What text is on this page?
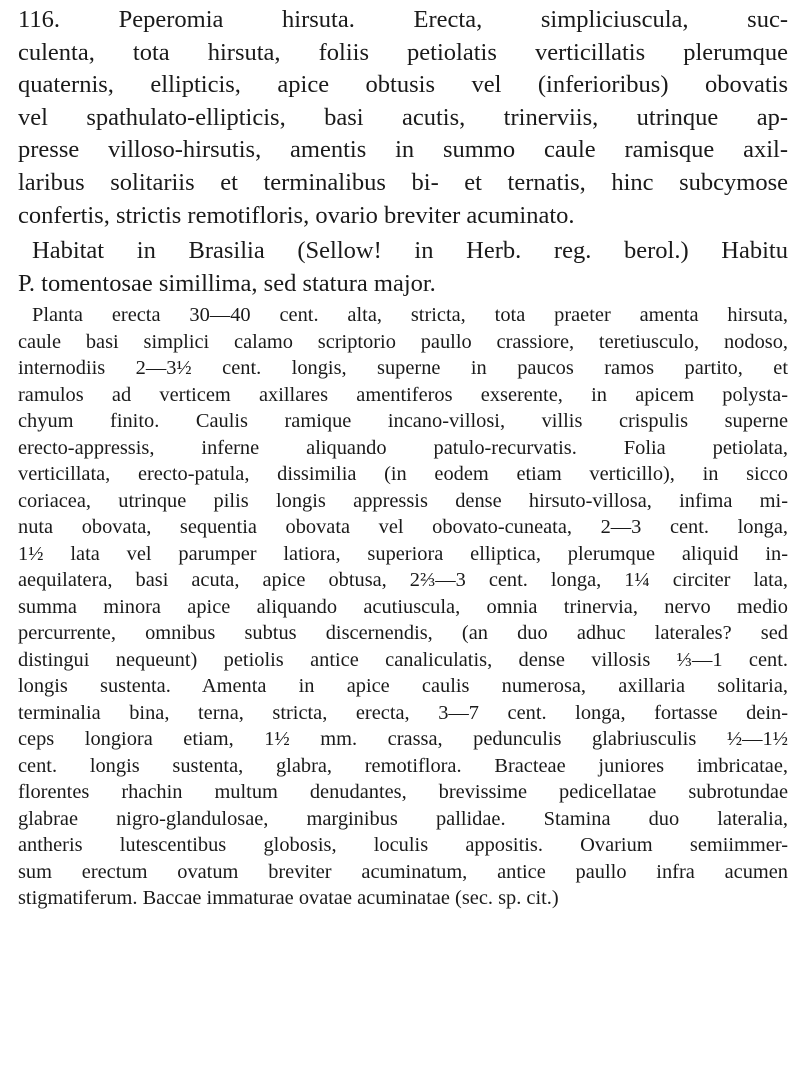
116. Peperomia hirsuta. Erecta, simpliciuscula, suc-
culenta, tota hirsuta, foliis petiolatis verticillatis plerumque
quaternis, ellipticis, apice obtusis vel (inferioribus) obovatis
vel spathulato-ellipticis, basi acutis, trinerviis, utrinque ap-
presse villoso-hirsutis, amentis in summo caule ramisque axil-
laribus solitariis et terminalibus bi- et ternatis, hinc subcymose
confertis, strictis remotifloris, ovario breviter acuminato.
Habitat in Brasilia (Sellow! in Herb. reg. berol.) Habitu
P. tomentosae simillima, sed statura major.
Planta erecta 30—40 cent. alta, stricta, tota praeter amenta hirsuta,
caule basi simplici calamo scriptorio paullo crassiore, teretiusculo, nodoso,
internodiis 2—3½ cent. longis, superne in paucos ramos partito, et
ramulos ad verticem axillares amentiferos exserente, in apicem polysta-
chyum finito. Caulis ramique incano-villosi, villis crispulis superne
erecto-appressis, inferne aliquando patulo-recurvatis. Folia petiolata,
verticillata, erecto-patula, dissimilia (in eodem etiam verticillo), in sicco
coriacea, utrinque pilis longis appressis dense hirsuto-villosa, infima mi-
nuta obovata, sequentia obovata vel obovato-cuneata, 2—3 cent. longa,
1½ lata vel parumper latiora, superiora elliptica, plerumque aliquid in-
aequilatera, basi acuta, apice obtusa, 2⅔—3 cent. longa, 1¼ circiter lata,
summa minora apice aliquando acutiuscula, omnia trinervia, nervo medio
percurrente, omnibus subtus discernendis, (an duo adhuc laterales? sed
distingui nequeunt) petiolis antice canaliculatis, dense villosis ⅓—1 cent.
longis sustenta. Amenta in apice caulis numerosa, axillaria solitaria,
terminalia bina, terna, stricta, erecta, 3—7 cent. longa, fortasse dein-
ceps longiora etiam, 1½ mm. crassa, pedunculis glabriusculis ½—1½
cent. longis sustenta, glabra, remotiflora. Bracteae juniores imbricatae,
florentes rhachin multum denudantes, brevissime pedicellatae subrotundae
glabrae nigro-glandulosae, marginibus pallidae. Stamina duo lateralia,
antheris lutescentibus globosis, loculis appositis. Ovarium semiimmer-
sum erectum ovatum breviter acuminatum, antice paullo infra acumen
stigmatiferum. Baccae immaturae ovatae acuminatae (sec. sp. cit.)
